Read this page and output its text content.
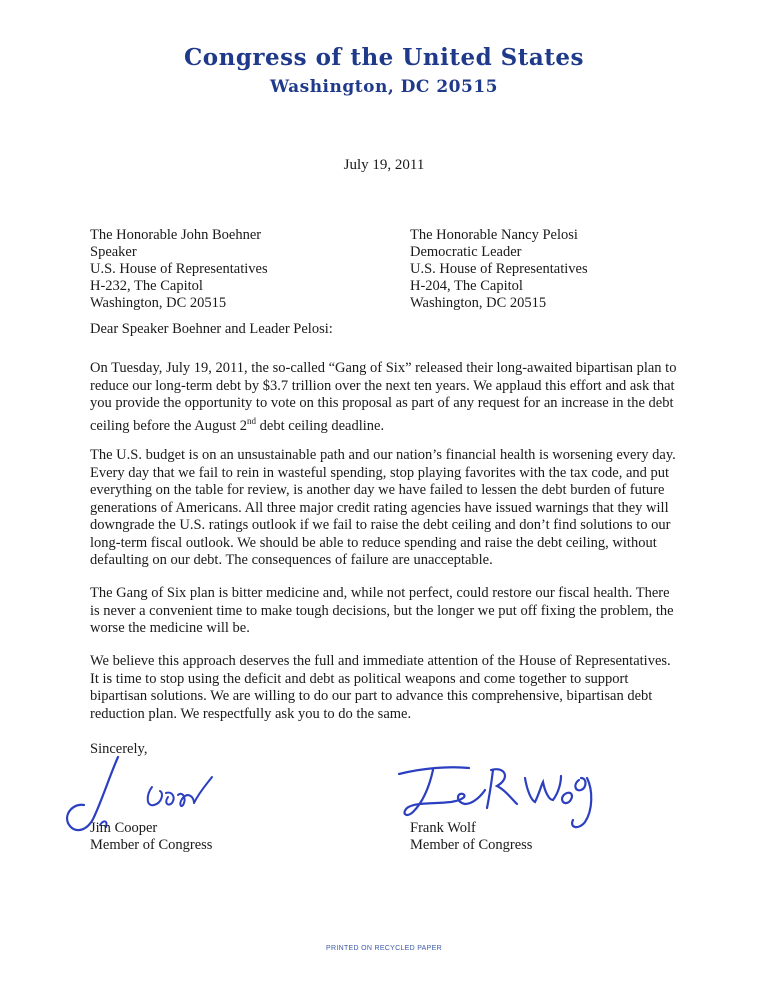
Congress of the United States
Washington, DC 20515
July 19, 2011
The Honorable John Boehner
Speaker
U.S. House of Representatives
H-232, The Capitol
Washington, DC 20515
The Honorable Nancy Pelosi
Democratic Leader
U.S. House of Representatives
H-204, The Capitol
Washington, DC 20515
Dear Speaker Boehner and Leader Pelosi:
On Tuesday, July 19, 2011, the so-called “Gang of Six” released their long-awaited bipartisan plan to reduce our long-term debt by $3.7 trillion over the next ten years. We applaud this effort and ask that you provide the opportunity to vote on this proposal as part of any request for an increase in the debt ceiling before the August 2nd debt ceiling deadline.
The U.S. budget is on an unsustainable path and our nation’s financial health is worsening every day. Every day that we fail to rein in wasteful spending, stop playing favorites with the tax code, and put everything on the table for review, is another day we have failed to lessen the debt burden of future generations of Americans. All three major credit rating agencies have issued warnings that they will downgrade the U.S. ratings outlook if we fail to raise the debt ceiling and don’t find solutions to our long-term fiscal outlook. We should be able to reduce spending and raise the debt ceiling, without defaulting on our debt. The consequences of failure are unacceptable.
The Gang of Six plan is bitter medicine and, while not perfect, could restore our fiscal health. There is never a convenient time to make tough decisions, but the longer we put off fixing the problem, the worse the medicine will be.
We believe this approach deserves the full and immediate attention of the House of Representatives. It is time to stop using the deficit and debt as political weapons and come together to support bipartisan solutions. We are willing to do our part to advance this comprehensive, bipartisan debt reduction plan. We respectfully ask you to do the same.
Sincerely,
Jim Cooper
Member of Congress
Frank Wolf
Member of Congress
PRINTED ON RECYCLED PAPER
